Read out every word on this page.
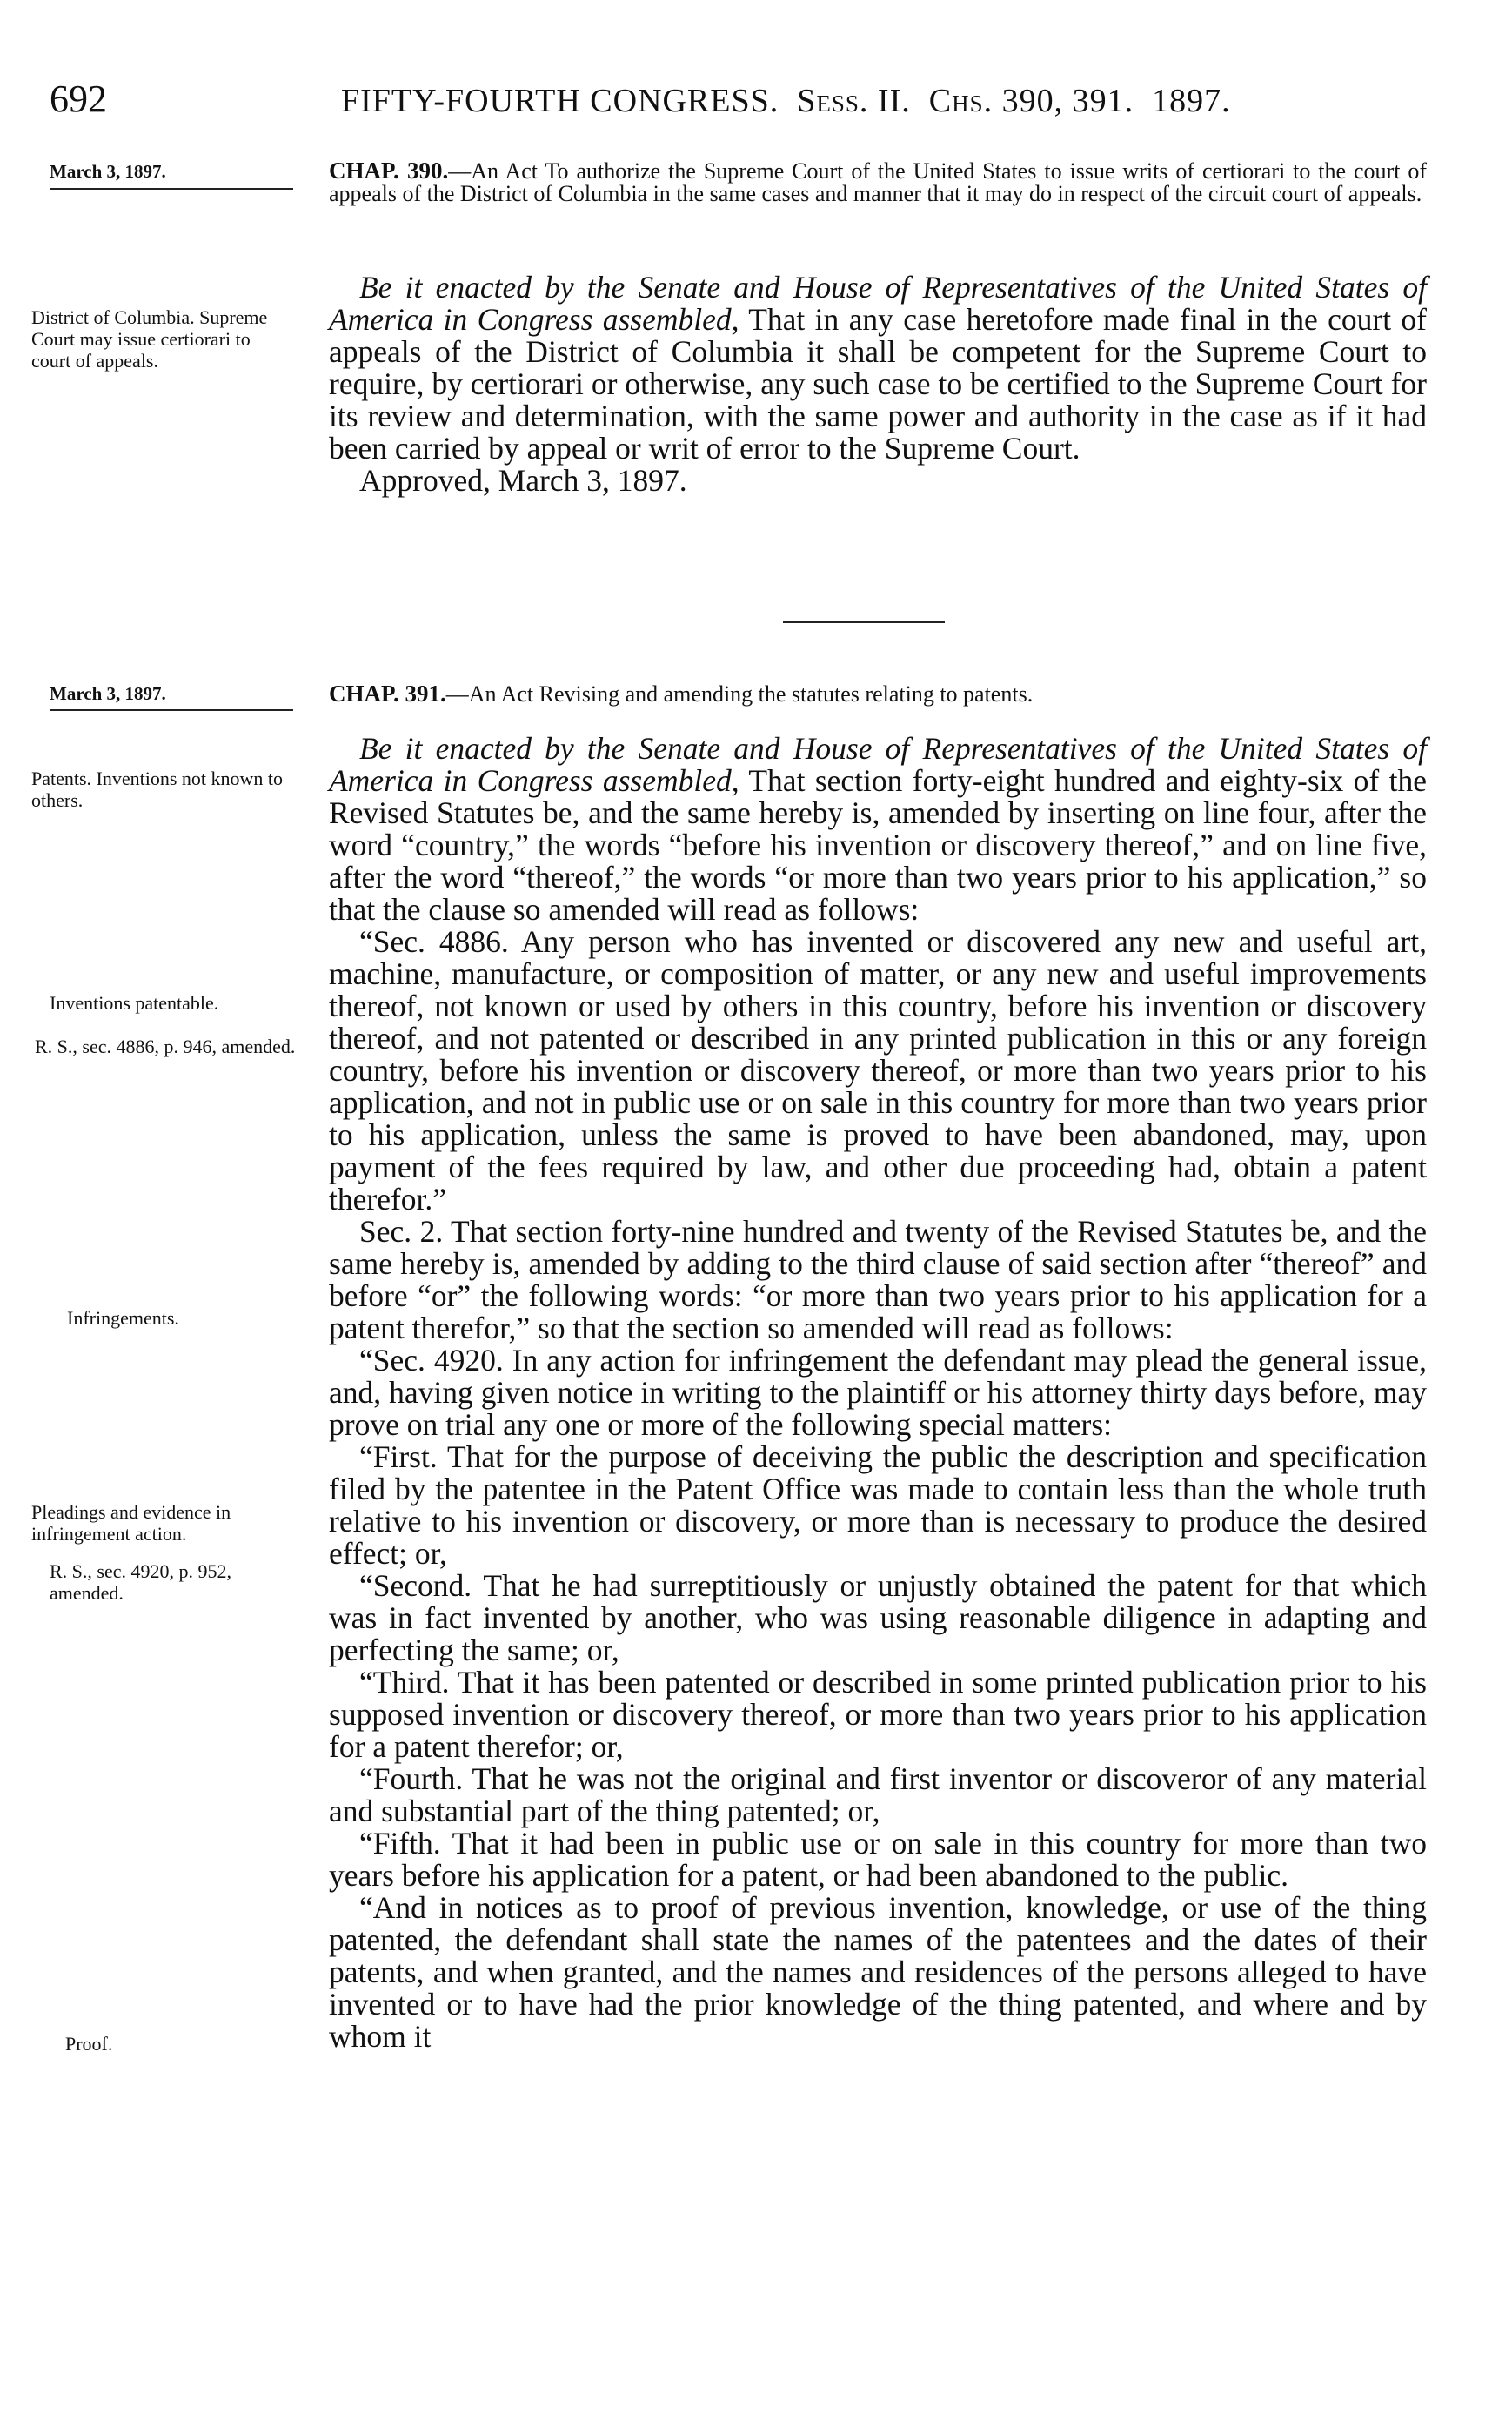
692	FIFTY-FOURTH CONGRESS. Sess. II. Chs. 390, 391. 1897.
March 3, 1897.
District of Columbia. Supreme Court may issue certiorari to court of appeals.
CHAP. 390.—An Act To authorize the Supreme Court of the United States to issue writs of certiorari to the court of appeals of the District of Columbia in the same cases and manner that it may do in respect of the circuit court of appeals.

Be it enacted by the Senate and House of Representatives of the United States of America in Congress assembled, That in any case heretofore made final in the court of appeals of the District of Columbia it shall be competent for the Supreme Court to require, by certiorari or otherwise, any such case to be certified to the Supreme Court for its review and determination, with the same power and authority in the case as if it had been carried by appeal or writ of error to the Supreme Court.

Approved, March 3, 1897.

March 3, 1897.
Patents. Inventions not known to others.
Inventions patentable.
R. S., sec. 4886, p. 946, amended.
Infringements.
Pleadings and evidence in infringement action.
R. S., sec. 4920, p. 952, amended.
Proof.
CHAP. 391.—An Act Revising and amending the statutes relating to patents.

Be it enacted by the Senate and House of Representatives of the United States of America in Congress assembled, That section forty-eight hundred and eighty-six of the Revised Statutes be, and the same hereby is, amended by inserting on line four, after the word “country,” the words “before his invention or discovery thereof,” and on line five, after the word “thereof,” the words “or more than two years prior to his application,” so that the clause so amended will read as follows:

“Sec. 4886. Any person who has invented or discovered any new and useful art, machine, manufacture, or composition of matter, or any new and useful improvements thereof, not known or used by others in this country, before his invention or discovery thereof, and not patented or described in any printed publication in this or any foreign country, before his invention or discovery thereof, or more than two years prior to his application, and not in public use or on sale in this country for more than two years prior to his application, unless the same is proved to have been abandoned, may, upon payment of the fees required by law, and other due proceeding had, obtain a patent therefor.”

Sec. 2. That section forty-nine hundred and twenty of the Revised Statutes be, and the same hereby is, amended by adding to the third clause of said section after “thereof” and before “or” the following words: “or more than two years prior to his application for a patent therefor,” so that the section so amended will read as follows:

“Sec. 4920. In any action for infringement the defendant may plead the general issue, and, having given notice in writing to the plaintiff or his attorney thirty days before, may prove on trial any one or more of the following special matters:

“First. That for the purpose of deceiving the public the description and specification filed by the patentee in the Patent Office was made to contain less than the whole truth relative to his invention or discovery, or more than is necessary to produce the desired effect; or,

“Second. That he had surreptitiously or unjustly obtained the patent for that which was in fact invented by another, who was using reasonable diligence in adapting and perfecting the same; or,

“Third. That it has been patented or described in some printed publication prior to his supposed invention or discovery thereof, or more than two years prior to his application for a patent therefor; or,

“Fourth. That he was not the original and first inventor or discoveror of any material and substantial part of the thing patented; or,

“Fifth. That it had been in public use or on sale in this country for more than two years before his application for a patent, or had been abandoned to the public.

“And in notices as to proof of previous invention, knowledge, or use of the thing patented, the defendant shall state the names of the patentees and the dates of their patents, and when granted, and the names and residences of the persons alleged to have invented or to have had the prior knowledge of the thing patented, and where and by whom it
